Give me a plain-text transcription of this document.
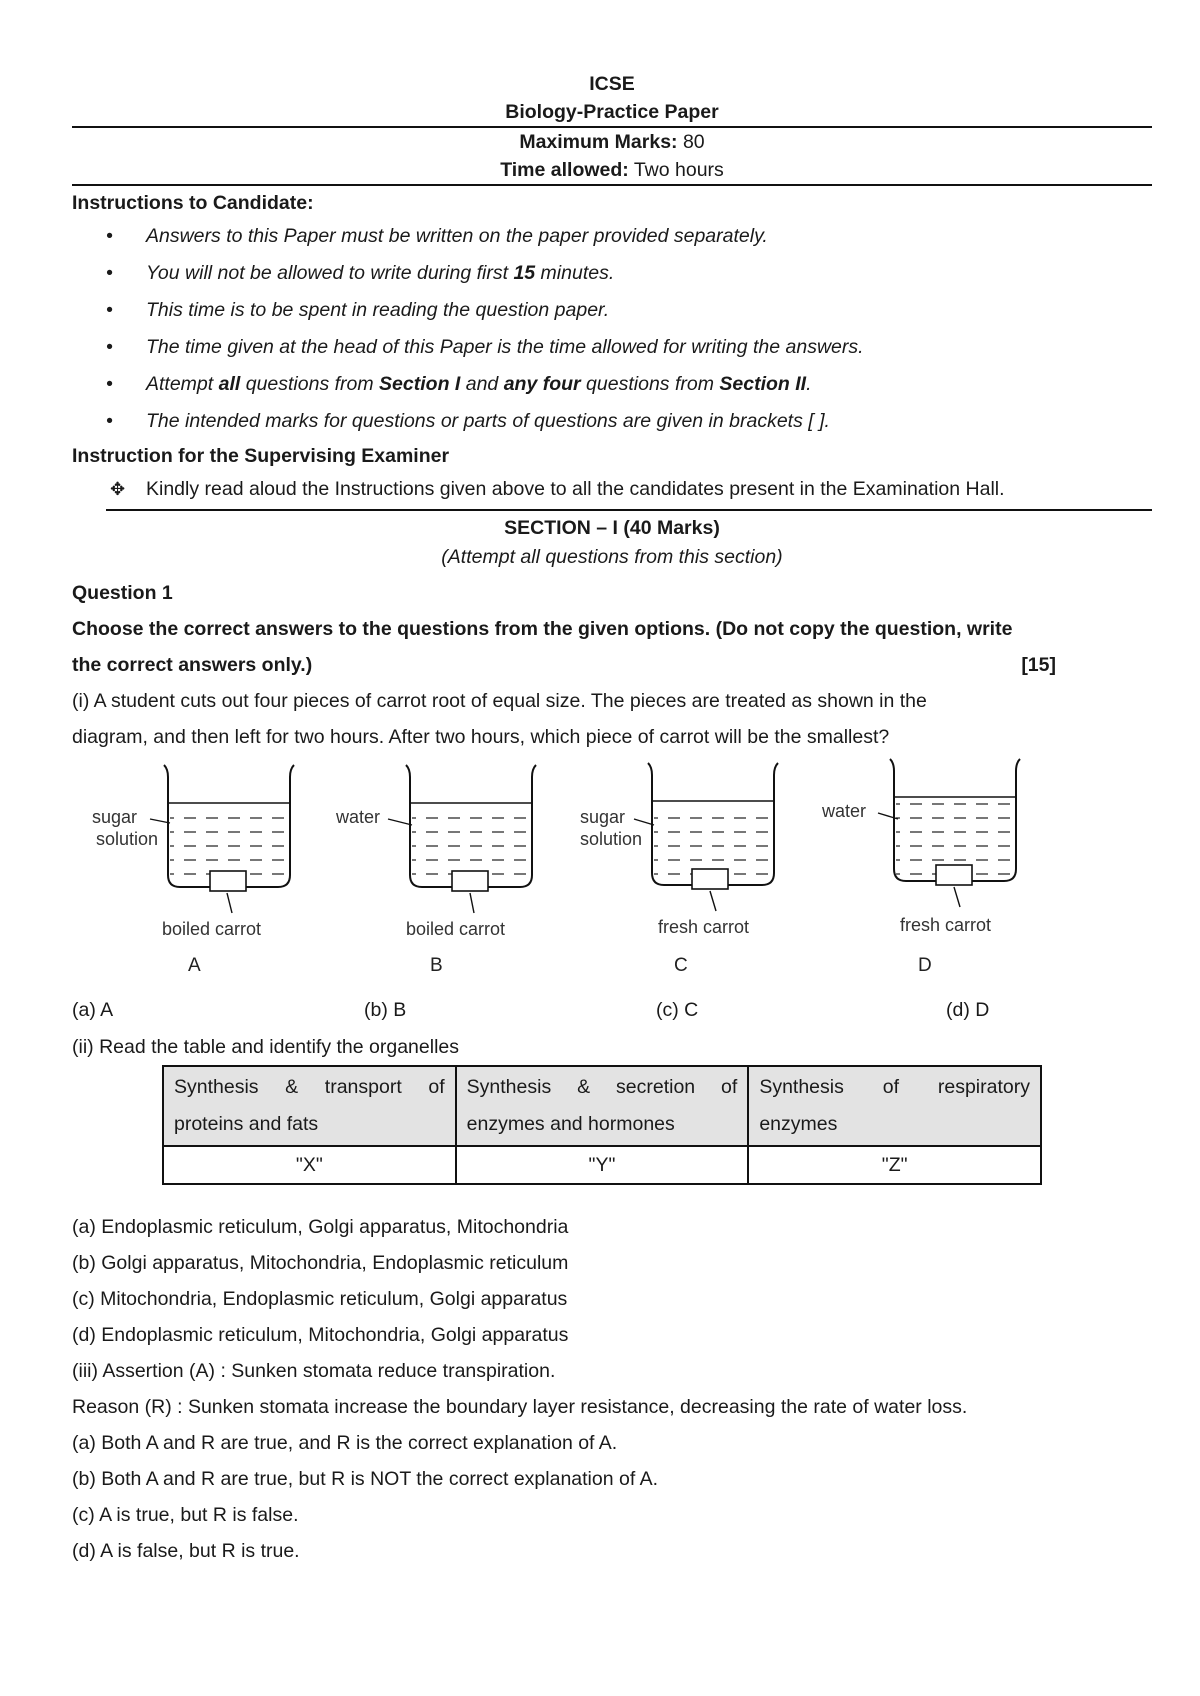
ICSE
Biology-Practice Paper
Maximum Marks: 80
Time allowed: Two hours
Instructions to Candidate:
• Answers to this Paper must be written on the paper provided separately.
• You will not be allowed to write during first 15 minutes.
• This time is to be spent in reading the question paper.
• The time given at the head of this Paper is the time allowed for writing the answers.
• Attempt all questions from Section I and any four questions from Section II.
• The intended marks for questions or parts of questions are given in brackets [ ].
Instruction for the Supervising Examiner
✥ Kindly read aloud the Instructions given above to all the candidates present in the Examination Hall.
SECTION – I (40 Marks)
(Attempt all questions from this section)
Question 1
Choose the correct answers to the questions from the given options. (Do not copy the question, write
the correct answers only.)	[15]
(i) A student cuts out four pieces of carrot root of equal size. The pieces are treated as shown in the
diagram, and then left for two hours. After two hours, which piece of carrot will be the smallest?
sugar
solution
boiled carrot
A
water
boiled carrot
B
sugar
solution
fresh carrot
C
water
fresh carrot
D
(a) A	(b) B	(c) C	(d) D
(ii) Read the table and identify the organelles
Synthesis & transport of proteins and fats	Synthesis & secretion of enzymes and hormones	Synthesis of respiratory enzymes
"X"	"Y"	"Z"
(a) Endoplasmic reticulum, Golgi apparatus, Mitochondria
(b) Golgi apparatus, Mitochondria, Endoplasmic reticulum
(c) Mitochondria, Endoplasmic reticulum, Golgi apparatus
(d) Endoplasmic reticulum, Mitochondria, Golgi apparatus
(iii) Assertion (A) : Sunken stomata reduce transpiration.
Reason (R) : Sunken stomata increase the boundary layer resistance, decreasing the rate of water loss.
(a) Both A and R are true, and R is the correct explanation of A.
(b) Both A and R are true, but R is NOT the correct explanation of A.
(c) A is true, but R is false.
(d) A is false, but R is true.
